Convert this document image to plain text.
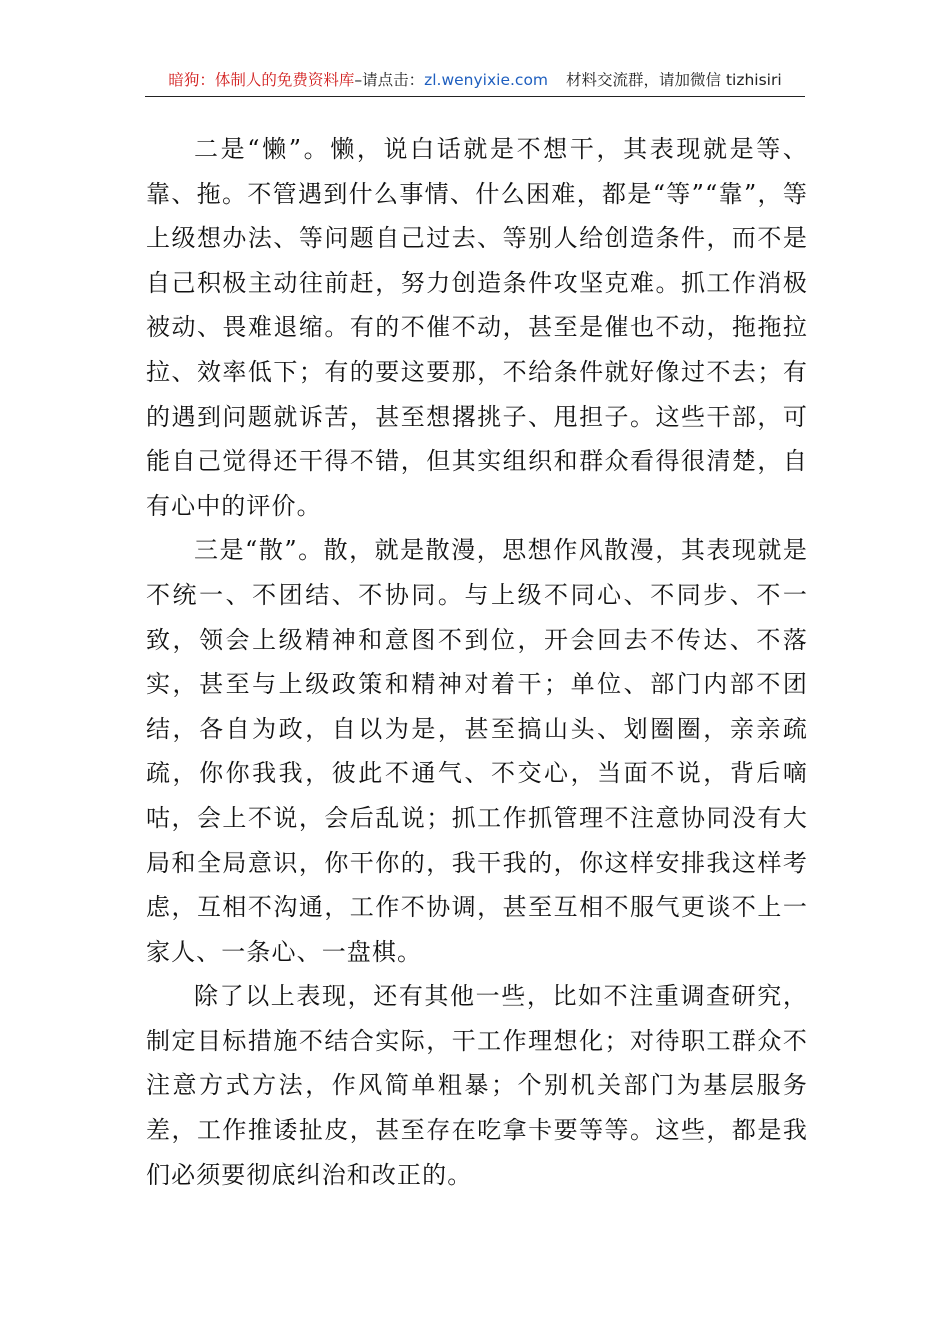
暗狗：体制人的免费资料库–请点击：zl.wenyixie.com 材料交流群，请加微信 tizhisiri

二是“懒”。懒，说白话就是不想干，其表现就是等、靠、拖。不管遇到什么事情、什么困难，都是“等”“靠”，等上级想办法、等问题自己过去、等别人给创造条件，而不是自己积极主动往前赶，努力创造条件攻坚克难。抓工作消极被动、畏难退缩。有的不催不动，甚至是催也不动，拖拖拉拉、效率低下；有的要这要那，不给条件就好像过不去；有的遇到问题就诉苦，甚至想撂挑子、甩担子。这些干部，可能自己觉得还干得不错，但其实组织和群众看得很清楚，自有心中的评价。

三是“散”。散，就是散漫，思想作风散漫，其表现就是不统一、不团结、不协同。与上级不同心、不同步、不一致，领会上级精神和意图不到位，开会回去不传达、不落实，甚至与上级政策和精神对着干；单位、部门内部不团结，各自为政，自以为是，甚至搞山头、划圈圈，亲亲疏疏，你你我我，彼此不通气、不交心，当面不说，背后嘀咕，会上不说，会后乱说；抓工作抓管理不注意协同没有大局和全局意识，你干你的，我干我的，你这样安排我这样考虑，互相不沟通，工作不协调，甚至互相不服气更谈不上一家人、一条心、一盘棋。

除了以上表现，还有其他一些，比如不注重调查研究，制定目标措施不结合实际，干工作理想化；对待职工群众不注意方式方法，作风简单粗暴；个别机关部门为基层服务差，工作推诿扯皮，甚至存在吃拿卡要等等。这些，都是我们必须要彻底纠治和改正的。
